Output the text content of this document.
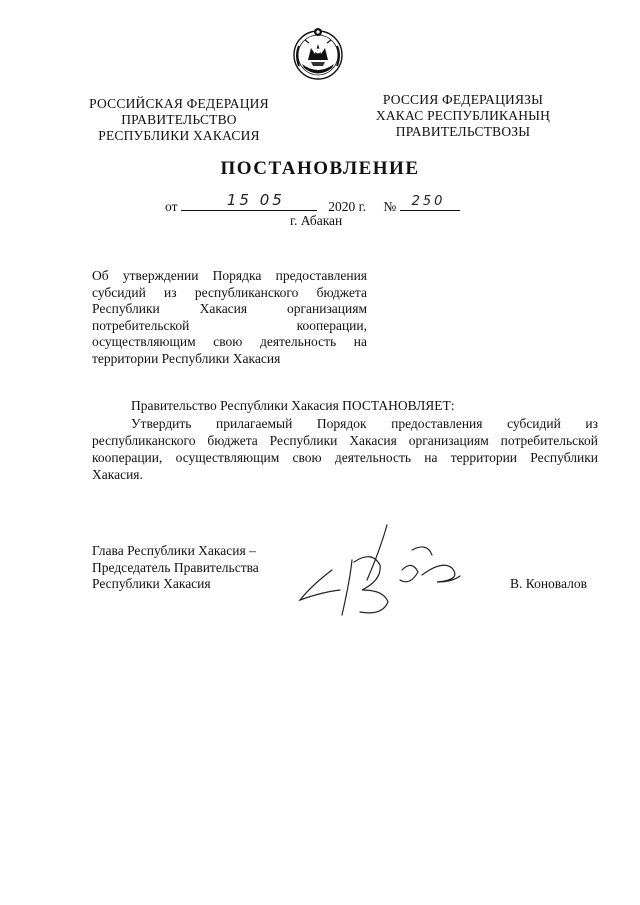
РОССИЙСКАЯ ФЕДЕРАЦИЯ
ПРАВИТЕЛЬСТВО
РЕСПУБЛИКИ ХАКАСИЯ
РОССИЯ ФЕДЕРАЦИЯЗЫ
ХАКАС РЕСПУБЛИКАНЫҢ
ПРАВИТЕЛЬСТВОЗЫ
ПОСТАНОВЛЕНИЕ
от	15 05	2020 г. № 250
г. Абакан
Об утверждении Порядка предоставления
субсидий из республиканского бюджета
Республики Хакасия организациям
потребительской кооперации,
осуществляющим свою деятельность на
территории Республики Хакасия
Правительство Республики Хакасия ПОСТАНОВЛЯЕТ:
Утвердить прилагаемый Порядок предоставления субсидий из
республиканского бюджета Республики Хакасия организациям потребительской
кооперации, осуществляющим свою деятельность на территории Республики
Хакасия.
Глава Республики Хакасия –
Председатель Правительства
Республики Хакасия	В. Коновалов
